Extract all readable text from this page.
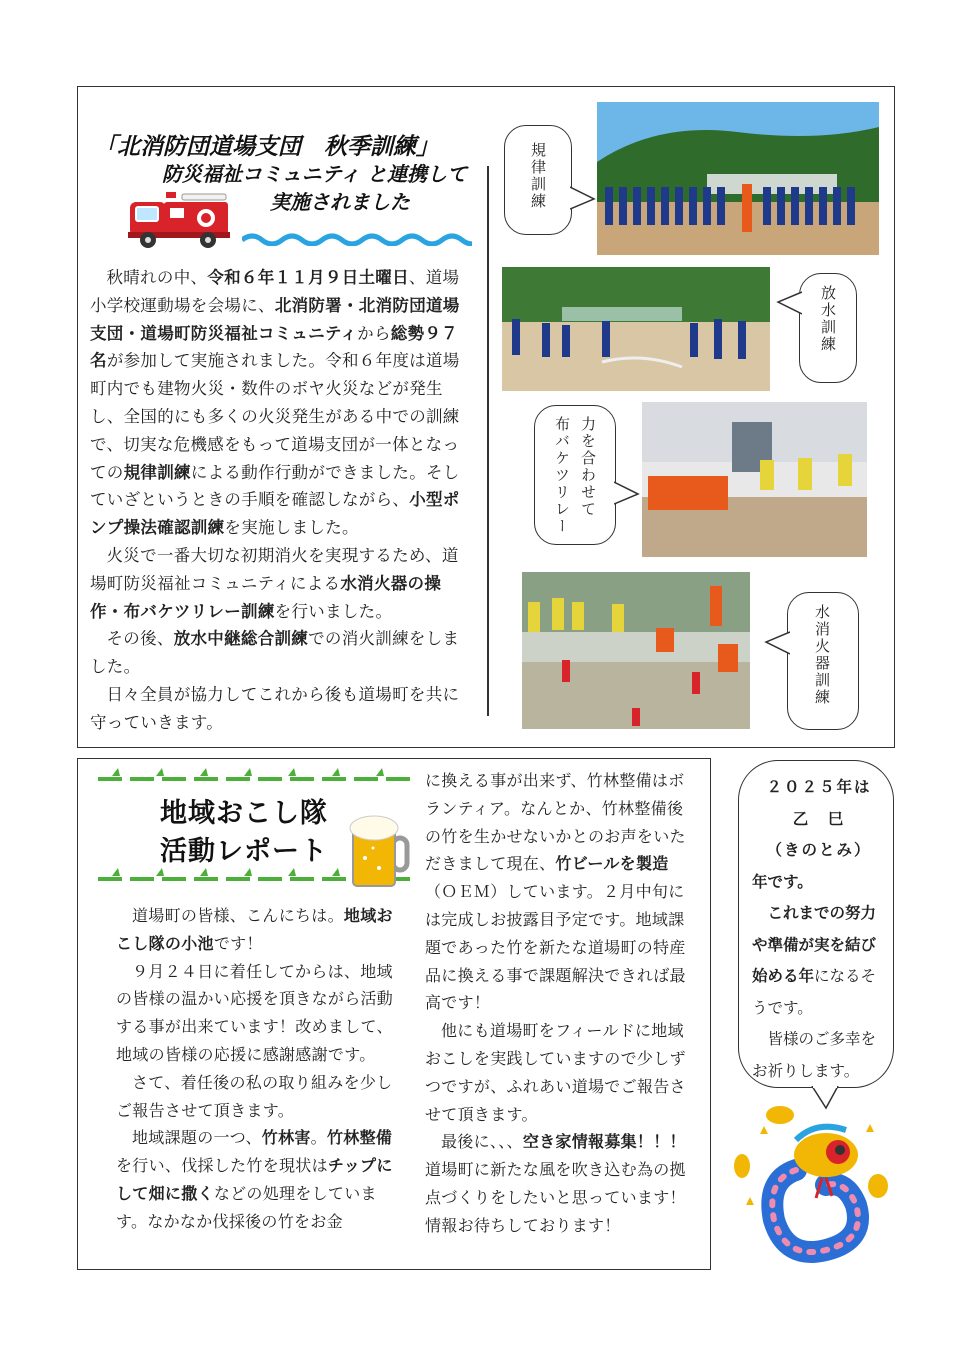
「北消防団道場支団　秋季訓練」
防災福祉コミュニティ と連携して
実施されました

秋晴れの中、令和６年１１月９日土曜日、道場小学校運動場を会場に、北消防署・北消防団道場支団・道場町防災福祉コミュニティから総勢９７名が参加して実施されました。令和６年度は道場町内でも建物火災・数件のボヤ火災などが発生し、全国的にも多くの火災発生がある中での訓練で、切実な危機感をもって道場支団が一体となっての規律訓練による動作行動ができました。そしていざというときの手順を確認しながら、小型ポンプ操法確認訓練を実施しました。

火災で一番大切な初期消火を実現するため、道場町防災福祉コミュニティによる水消火器の操作・布バケツリレー訓練を行いました。

その後、放水中継総合訓練での消火訓練をしました。

日々全員が協力してこれから後も道場町を共に守っていきます。

規律訓練
放水訓練
力を合わせて
布バケツリレー
水消火器訓練
地域おこし隊
活動レポート

道場町の皆様、こんにちは。地域おこし隊の小池です！

９月２４日に着任してからは、地域の皆様の温かい応援を頂きながら活動する事が出来ています！改めまして、地域の皆様の応援に感謝感謝です。

さて、着任後の私の取り組みを少しご報告させて頂きます。

地域課題の一つ、竹林害。竹林整備を行い、伐採した竹を現状はチップにして畑に撒くなどの処理をしています。なかなか伐採後の竹をお金

に換える事が出来ず、竹林整備はボランティア。なんとか、竹林整備後の竹を生かせないかとのお声をいただきまして現在、竹ビールを製造（ＯＥＭ）しています。２月中旬には完成しお披露目予定です。地域課題であった竹を新たな道場町の特産品に換える事で課題解決できれば最高です！

他にも道場町をフィールドに地域おこしを実践していますので少しずつですが、ふれあい道場でご報告させて頂きます。

最後に、、、空き家情報募集！！！道場町に新たな風を吹き込む為の拠点づくりをしたいと思っています！情報お待ちしております！

２０２５年は

乙　巳

（きのとみ）

年です。

これまでの努力や準備が実を結び始める年になるそうです。

皆様のご多幸をお祈りします。
